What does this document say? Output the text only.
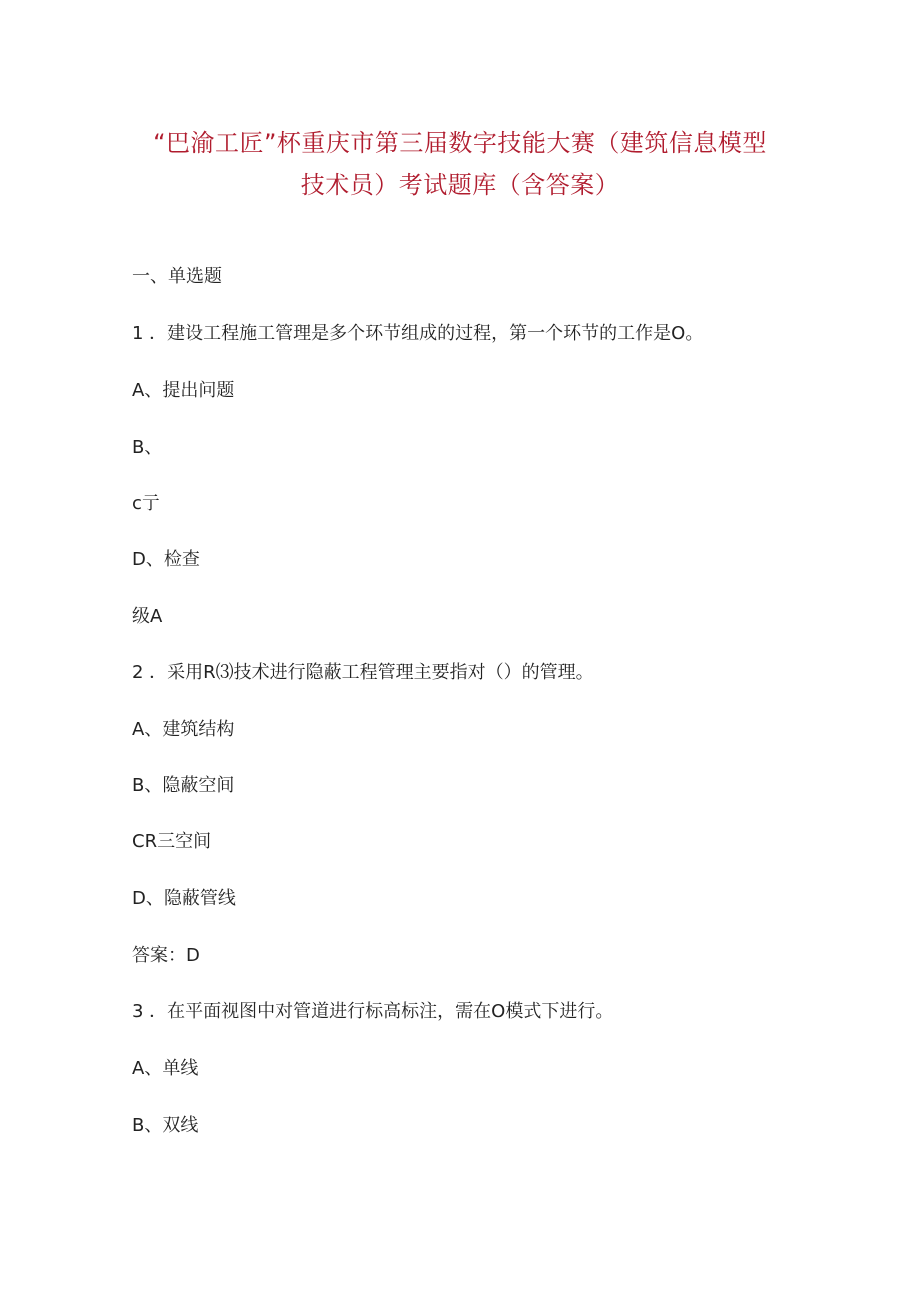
“巴渝工匠”杯重庆市第三届数字技能大赛（建筑信息模型
技术员）考试题库（含答案）
一、单选题
1 ．建设工程施工管理是多个环节组成的过程，第一个环节的工作是O。
A、提出问题
B、
c亍
D、检查
级A
2 ．采用R⑶技术进行隐蔽工程管理主要指对（）的管理。
A、建筑结构
B、隐蔽空间
CR三空间
D、隐蔽管线
答案：D
3 ．在平面视图中对管道进行标高标注，需在O模式下进行。
A、单线
B、双线
